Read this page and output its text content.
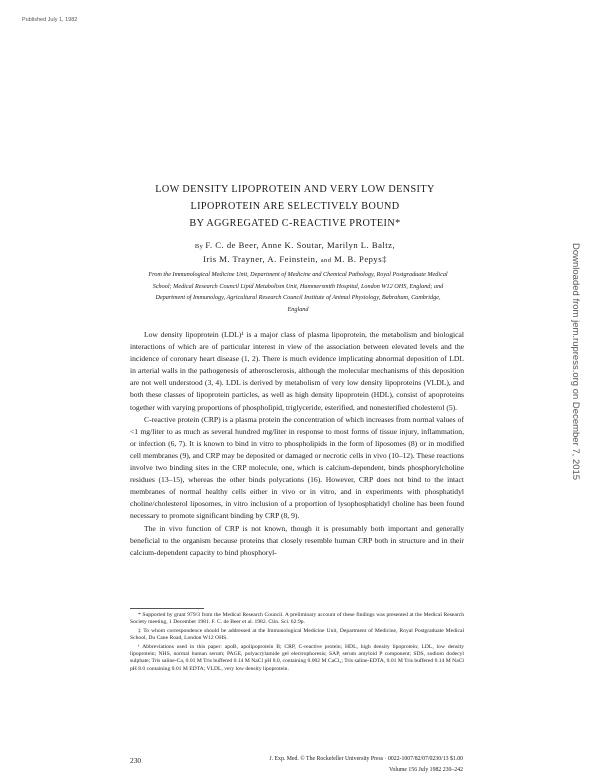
Published July 1, 1982
Downloaded from jem.rupress.org on December 7, 2015
LOW DENSITY LIPOPROTEIN AND VERY LOW DENSITY
LIPOPROTEIN ARE SELECTIVELY BOUND
BY AGGREGATED C-REACTIVE PROTEIN*
By F. C. de Beer, Anne K. Soutar, Marilyn L. Baltz,
Iris M. Trayner, A. Feinstein, and M. B. Pepys‡
From the Immunological Medicine Unit, Department of Medicine and Chemical Pathology, Royal Postgraduate Medical School; Medical Research Council Lipid Metabolism Unit, Hammersmith Hospital, London W12 OHS, England; and Department of Immunology, Agricultural Research Council Institute of Animal Physiology, Babraham, Cambridge, England

Low density lipoprotein (LDL)¹ is a major class of plasma lipoprotein, the metabolism and biological interactions of which are of particular interest in view of the association between elevated levels and the incidence of coronary heart disease (1, 2). There is much evidence implicating abnormal deposition of LDL in arterial walls in the pathogenesis of atherosclerosis, although the molecular mechanisms of this deposition are not well understood (3, 4). LDL is derived by metabolism of very low density lipoproteins (VLDL), and both these classes of lipoprotein particles, as well as high density lipoprotein (HDL), consist of apoproteins together with varying proportions of phospholipid, triglyceride, esterified, and nonesterified cholesterol (5).

C-reactive protein (CRP) is a plasma protein the concentration of which increases from normal values of <1 mg/liter to as much as several hundred mg/liter in response to most forms of tissue injury, inflammation, or infection (6, 7). It is known to bind in vitro to phospholipids in the form of liposomes (8) or in modified cell membranes (9), and CRP may be deposited or damaged or necrotic cells in vivo (10–12). These reactions involve two binding sites in the CRP molecule, one, which is calcium-dependent, binds phosphorylcholine residues (13–15), whereas the other binds polycations (16). However, CRP does not bind to the intact membranes of normal healthy cells either in vivo or in vitro, and in experiments with phosphatidyl choline/cholesterol liposomes, in vitro inclusion of a proportion of lysophosphatidyl choline has been found necessary to promote significant binding by CRP (8, 9).

The in vivo function of CRP is not known, though it is presumably both important and generally beneficial to the organism because proteins that closely resemble human CRP both in structure and in their calcium-dependent capacity to bind phosphoryl-

* Supported by grant 979/3 from the Medical Research Council. A preliminary account of these findings was presented at the Medical Research Society meeting, 1 December 1981. F. C. de Beer et al. 1982. Clin. Sci. 62:9p.

‡ To whom correspondence should be addressed at the Immunological Medicine Unit, Department of Medicine, Royal Postgraduate Medical School, Du Cane Road, London W12 OHS.

¹ Abbreviations used in this paper: apoB, apolipoprotein B; CRP, C-reactive protein; HDL, high density lipoprotein; LDL, low density lipoprotein; NHS, normal human serum; PAGE, polyacrylamide gel electrophoresis; SAP, serum amyloid P component; SDS, sodium dodecyl sulphate; Tris saline-Ca, 0.01 M Tris buffered 0.14 M NaCl pH 8.0, containing 0.002 M CaCl₂; Tris saline-EDTA, 0.01 M Tris buffered 0.14 M NaCl pH 8.0 containing 0.01 M EDTA; VLDL, very low density lipoprotein.

230	J. Exp. Med. © The Rockefeller University Press · 0022-1007/82/07/0230/13 $1.00
Volume 156 July 1982 230–242
